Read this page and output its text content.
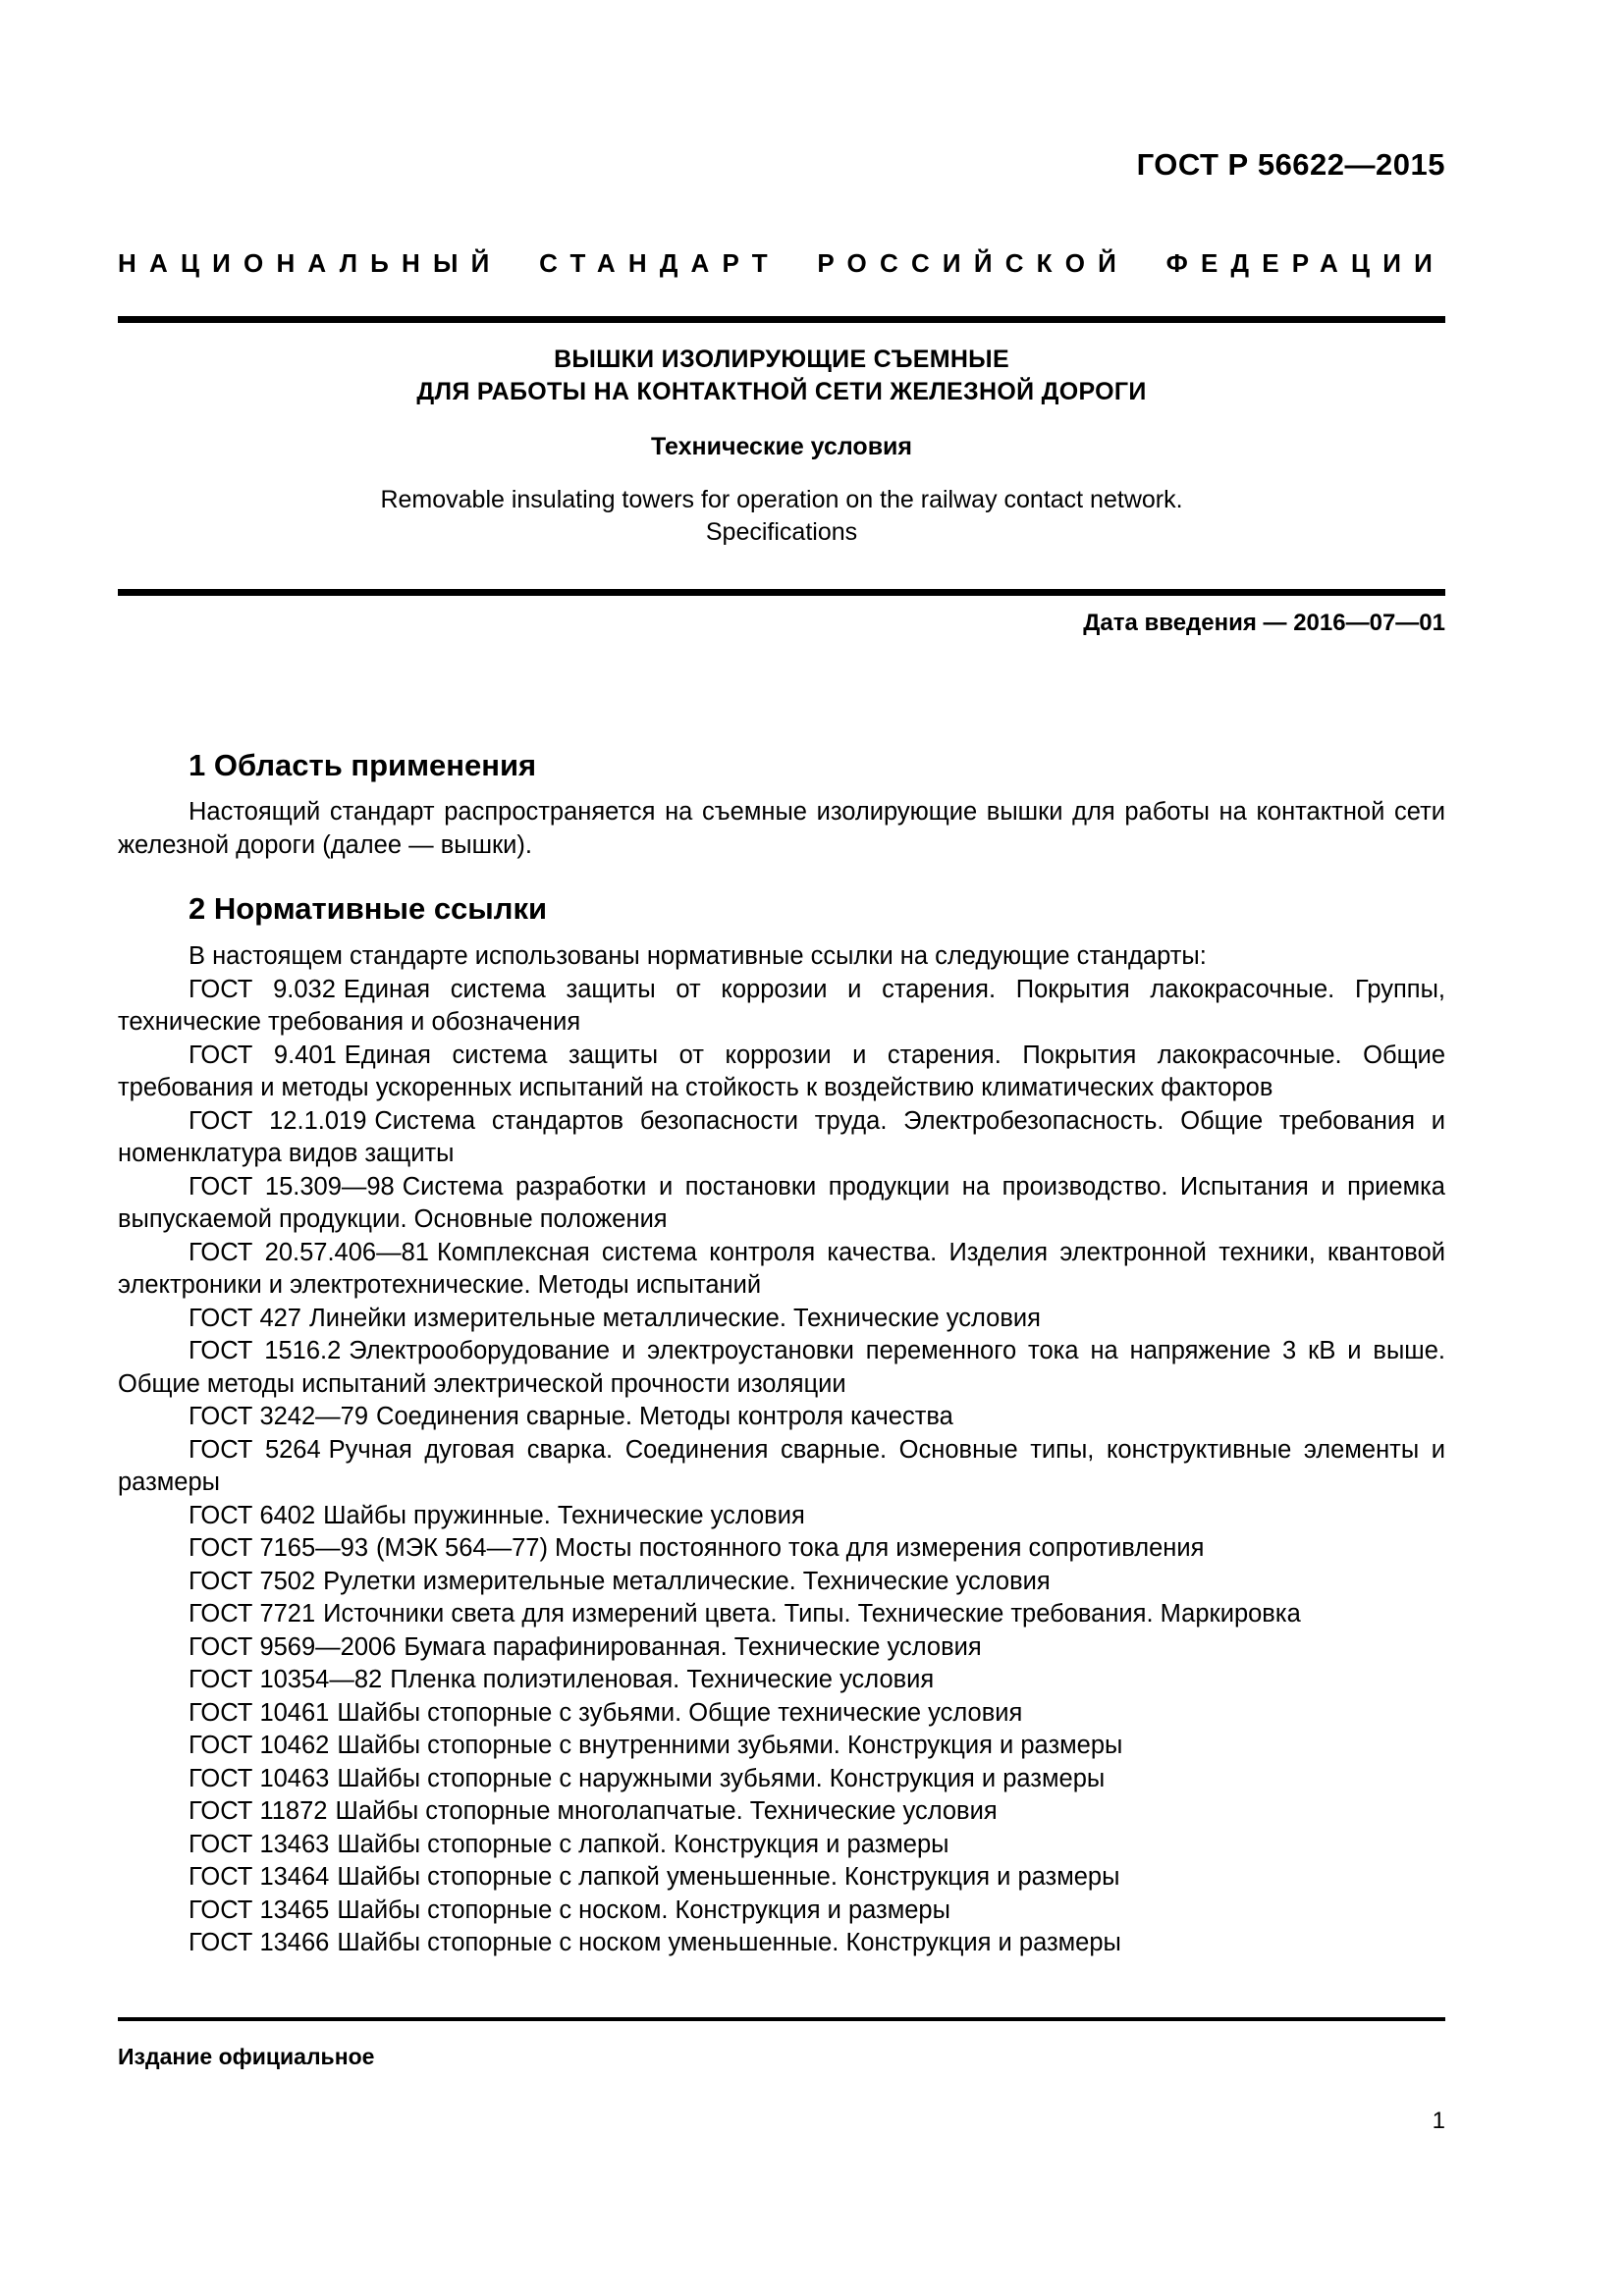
ГОСТ Р 56622—2015
НАЦИОНАЛЬНЫЙ СТАНДАРТ РОССИЙСКОЙ ФЕДЕРАЦИИ
ВЫШКИ ИЗОЛИРУЮЩИЕ СЪЕМНЫЕ
ДЛЯ РАБОТЫ НА КОНТАКТНОЙ СЕТИ ЖЕЛЕЗНОЙ ДОРОГИ
Технические условия
Removable insulating towers for operation on the railway contact network.
Specifications
Дата введения — 2016—07—01
1 Область применения

Настоящий стандарт распространяется на съемные изолирующие вышки для работы на контактной сети железной дороги (далее — вышки).

2 Нормативные ссылки

В настоящем стандарте использованы нормативные ссылки на следующие стандарты:

ГОСТ 9.032 Единая система защиты от коррозии и старения. Покрытия лакокрасочные. Группы, технические требования и обозначения

ГОСТ 9.401 Единая система защиты от коррозии и старения. Покрытия лакокрасочные. Общие требования и методы ускоренных испытаний на стойкость к воздействию климатических факторов

ГОСТ 12.1.019 Система стандартов безопасности труда. Электробезопасность. Общие требования и номенклатура видов защиты

ГОСТ 15.309—98 Система разработки и постановки продукции на производство. Испытания и приемка выпускаемой продукции. Основные положения

ГОСТ 20.57.406—81 Комплексная система контроля качества. Изделия электронной техники, квантовой электроники и электротехнические. Методы испытаний

ГОСТ 427 Линейки измерительные металлические. Технические условия

ГОСТ 1516.2 Электрооборудование и электроустановки переменного тока на напряжение 3 кВ и выше. Общие методы испытаний электрической прочности изоляции

ГОСТ 3242—79 Соединения сварные. Методы контроля качества

ГОСТ 5264 Ручная дуговая сварка. Соединения сварные. Основные типы, конструктивные элементы и размеры

ГОСТ 6402 Шайбы пружинные. Технические условия

ГОСТ 7165—93 (МЭК 564—77) Мосты постоянного тока для измерения сопротивления

ГОСТ 7502 Рулетки измерительные металлические. Технические условия

ГОСТ 7721 Источники света для измерений цвета. Типы. Технические требования. Маркировка

ГОСТ 9569—2006 Бумага парафинированная. Технические условия

ГОСТ 10354—82 Пленка полиэтиленовая. Технические условия

ГОСТ 10461 Шайбы стопорные с зубьями. Общие технические условия

ГОСТ 10462 Шайбы стопорные с внутренними зубьями. Конструкция и размеры

ГОСТ 10463 Шайбы стопорные с наружными зубьями. Конструкция и размеры

ГОСТ 11872 Шайбы стопорные многолапчатые. Технические условия

ГОСТ 13463 Шайбы стопорные с лапкой. Конструкция и размеры

ГОСТ 13464 Шайбы стопорные с лапкой уменьшенные. Конструкция и размеры

ГОСТ 13465 Шайбы стопорные с носком. Конструкция и размеры

ГОСТ 13466 Шайбы стопорные с носком уменьшенные. Конструкция и размеры

Издание официальное
1
